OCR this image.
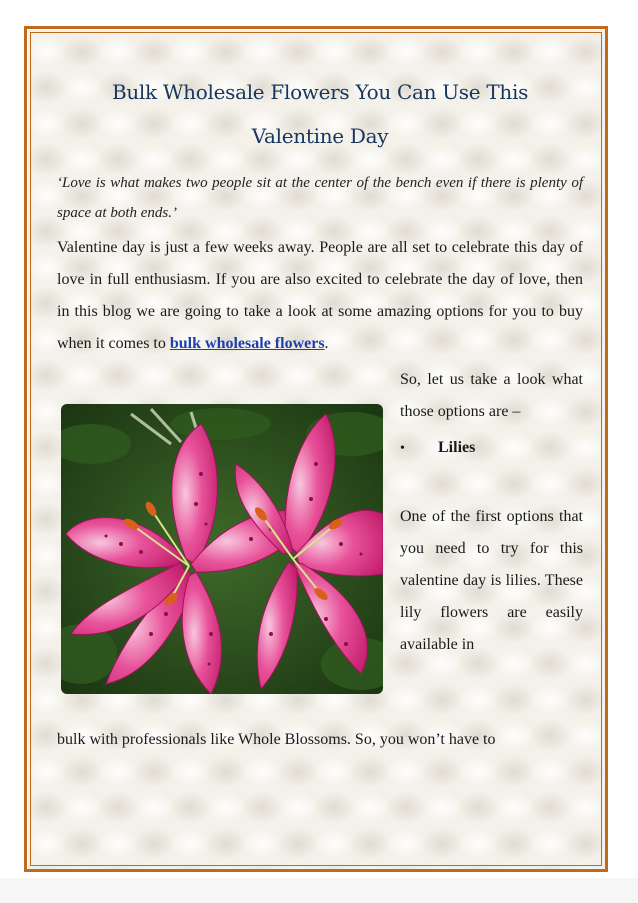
Bulk Wholesale Flowers You Can Use This
Valentine Day

‘Love is what makes two people sit at the center of the bench even if there is plenty of space at both ends.’

Valentine day is just a few weeks away. People are all set to celebrate this day of love in full enthusiasm. If you are also excited to celebrate the day of love, then in this blog we are going to take a look at some amazing options for you to buy when it comes to bulk wholesale flowers.

So, let us take a look what those options are –

•	Lilies

One of the first options that you need to try for this valentine day is lilies. These lily flowers are easily available in

bulk with professionals like Whole Blossoms. So, you won’t have to
